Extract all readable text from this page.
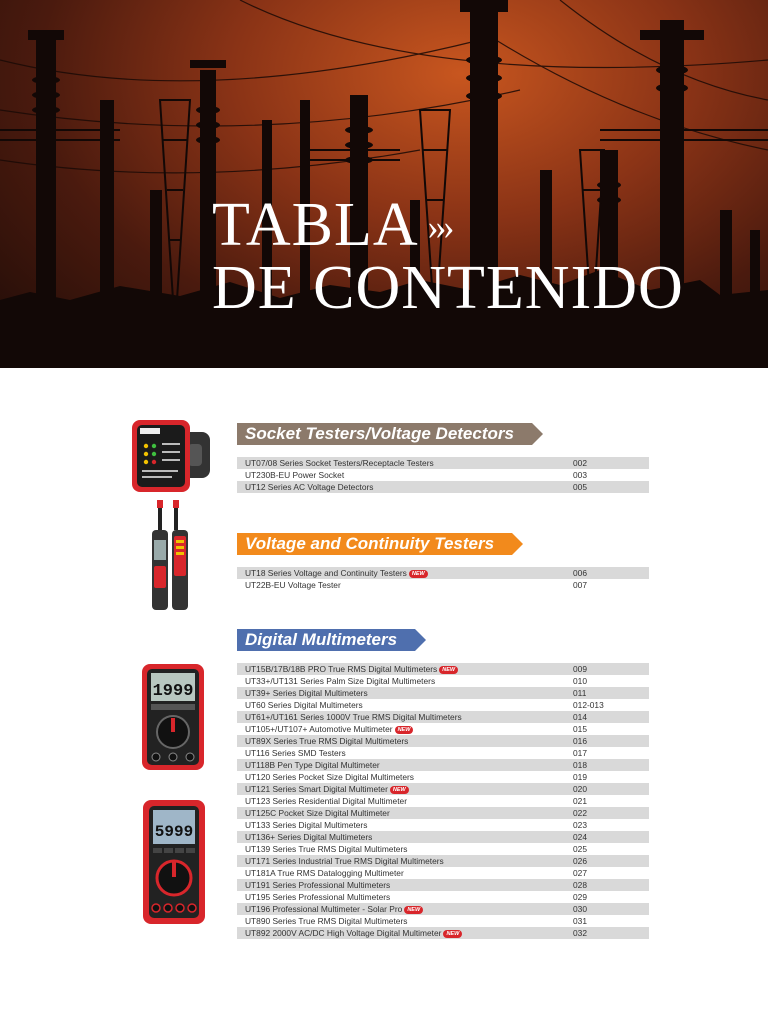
TABLA ›››
DE CONTENIDO
1999
5999
Socket Testers/Voltage Detectors
UT07/08 Series Socket Testers/Receptacle Testers	002
UT230B-EU Power Socket	003
UT12 Series AC Voltage Detectors	005
Voltage and Continuity Testers
UT18 Series Voltage and Continuity Testers NEW	006
UT22B-EU Voltage Tester	007
Digital Multimeters
UT15B/17B/18B PRO True RMS Digital Multimeters NEW	009
UT33+/UT131 Series Palm Size Digital Multimeters	010
UT39+ Series Digital Multimeters	011
UT60 Series Digital Multimeters	012-013
UT61+/UT161 Series 1000V True RMS Digital Multimeters	014
UT105+/UT107+ Automotive Multimeter NEW	015
UT89X Series True RMS Digital Multimeters	016
UT116 Series SMD Testers	017
UT118B Pen Type Digital Multimeter	018
UT120 Series Pocket Size Digital Multimeters	019
UT121 Series Smart Digital Multimeter NEW	020
UT123 Series Residential Digital Multimeter	021
UT125C Pocket Size Digital Multimeter	022
UT133 Series Digital Multimeters	023
UT136+ Series Digital Multimeters	024
UT139 Series True RMS Digital Multimeters	025
UT171 Series Industrial True RMS Digital Multimeters	026
UT181A True RMS Datalogging Multimeter	027
UT191 Series Professional Multimeters	028
UT195 Series Professional Multimeters	029
UT196 Professional Multimeter - Solar Pro NEW	030
UT890 Series True RMS Digital Multimeters	031
UT892 2000V AC/DC High Voltage Digital Multimeter NEW	032
